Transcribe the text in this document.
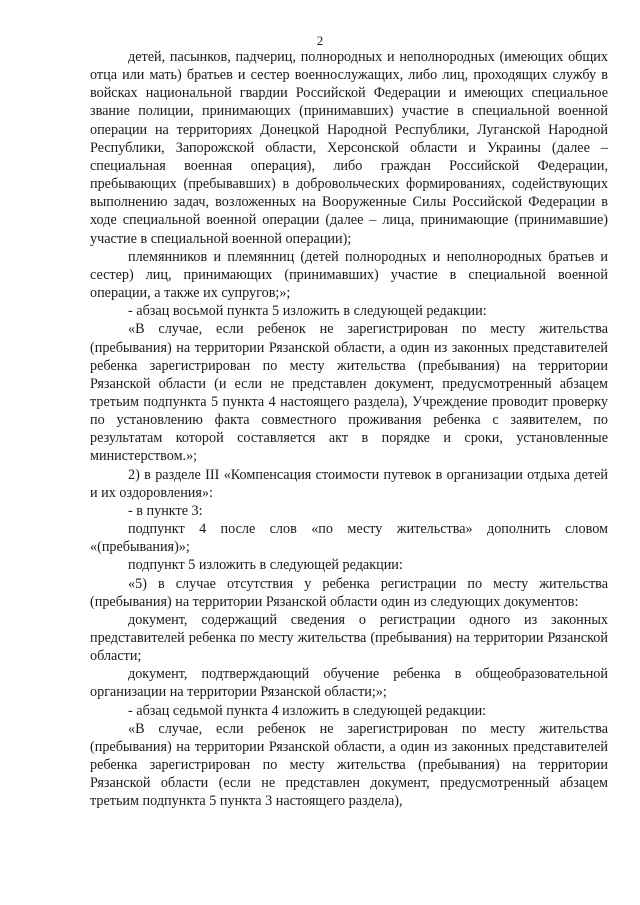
2

детей, пасынков, падчериц, полнородных и неполнородных (имеющих общих отца или мать) братьев и сестер военнослужащих, либо лиц, проходящих службу в войсках национальной гвардии Российской Федерации и имеющих специальное звание полиции, принимающих (принимавших) участие в специальной военной операции на территориях Донецкой Народной Республики, Луганской Народной Республики, Запорожской области, Херсонской области и Украины (далее – специальная военная операция), либо граждан Российской Федерации, пребывающих (пребывавших) в добровольческих формированиях, содействующих выполнению задач, возложенных на Вооруженные Силы Российской Федерации в ходе специальной военной операции (далее – лица, принимающие (принимавшие) участие в специальной военной операции);

племянников и племянниц (детей полнородных и неполнородных братьев и сестер) лиц, принимающих (принимавших) участие в специальной военной операции, а также их супругов;»;

- абзац восьмой пункта 5 изложить в следующей редакции:

«В случае, если ребенок не зарегистрирован по месту жительства (пребывания) на территории Рязанской области, а один из законных представителей ребенка зарегистрирован по месту жительства (пребывания) на территории Рязанской области (и если не представлен документ, предусмотренный абзацем третьим подпункта 5 пункта 4 настоящего раздела), Учреждение проводит проверку по установлению факта совместного проживания ребенка с заявителем, по результатам которой составляется акт в порядке и сроки, установленные министерством.»;

2) в разделе III «Компенсация стоимости путевок в организации отдыха детей и их оздоровления»:

- в пункте 3:

подпункт 4 после слов «по месту жительства» дополнить словом «(пребывания)»;

подпункт 5 изложить в следующей редакции:

«5) в случае отсутствия у ребенка регистрации по месту жительства (пребывания) на территории Рязанской области один из следующих документов:

документ, содержащий сведения о регистрации одного из законных представителей ребенка по месту жительства (пребывания) на территории Рязанской области;

документ, подтверждающий обучение ребенка в общеобразовательной организации на территории Рязанской области;»;

- абзац седьмой пункта 4 изложить в следующей редакции:

«В случае, если ребенок не зарегистрирован по месту жительства (пребывания) на территории Рязанской области, а один из законных представителей ребенка зарегистрирован по месту жительства (пребывания) на территории Рязанской области (если не представлен документ, предусмотренный абзацем третьим подпункта 5 пункта 3 настоящего раздела),
